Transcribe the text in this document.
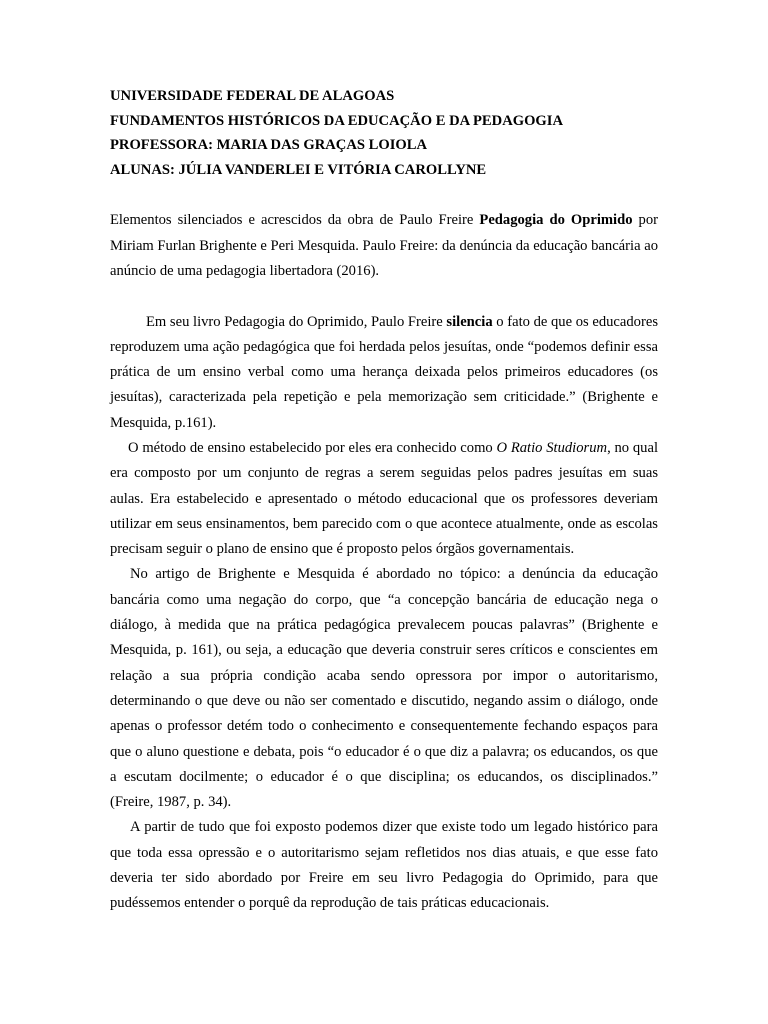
UNIVERSIDADE FEDERAL DE ALAGOAS

FUNDAMENTOS HISTÓRICOS DA EDUCAÇÃO E DA PEDAGOGIA

PROFESSORA: MARIA DAS GRAÇAS LOIOLA

ALUNAS: JÚLIA VANDERLEI E VITÓRIA CAROLLYNE

Elementos silenciados e acrescidos da obra de Paulo Freire Pedagogia do Oprimido por Miriam Furlan Brighente e Peri Mesquida. Paulo Freire: da denúncia da educação bancária ao anúncio de uma pedagogia libertadora (2016).

Em seu livro Pedagogia do Oprimido, Paulo Freire silencia o fato de que os educadores reproduzem uma ação pedagógica que foi herdada pelos jesuítas, onde “podemos definir essa prática de um ensino verbal como uma herança deixada pelos primeiros educadores (os jesuítas), caracterizada pela repetição e pela memorização sem criticidade.” (Brighente e Mesquida, p.161).

O método de ensino estabelecido por eles era conhecido como O Ratio Studiorum, no qual era composto por um conjunto de regras a serem seguidas pelos padres jesuítas em suas aulas. Era estabelecido e apresentado o método educacional que os professores deveriam utilizar em seus ensinamentos, bem parecido com o que acontece atualmente, onde as escolas precisam seguir o plano de ensino que é proposto pelos órgãos governamentais.

No artigo de Brighente e Mesquida é abordado no tópico: a denúncia da educação bancária como uma negação do corpo, que “a concepção bancária de educação nega o diálogo, à medida que na prática pedagógica prevalecem poucas palavras” (Brighente e Mesquida, p. 161), ou seja, a educação que deveria construir seres críticos e conscientes em relação a sua própria condição acaba sendo opressora por impor o autoritarismo, determinando o que deve ou não ser comentado e discutido, negando assim o diálogo, onde apenas o professor detém todo o conhecimento e consequentemente fechando espaços para que o aluno questione e debata, pois “o educador é o que diz a palavra; os educandos, os que a escutam docilmente; o educador é o que disciplina; os educandos, os disciplinados.” (Freire, 1987, p. 34).

A partir de tudo que foi exposto podemos dizer que existe todo um legado histórico para que toda essa opressão e o autoritarismo sejam refletidos nos dias atuais, e que esse fato deveria ter sido abordado por Freire em seu livro Pedagogia do Oprimido, para que pudéssemos entender o porquê da reprodução de tais práticas educacionais.
